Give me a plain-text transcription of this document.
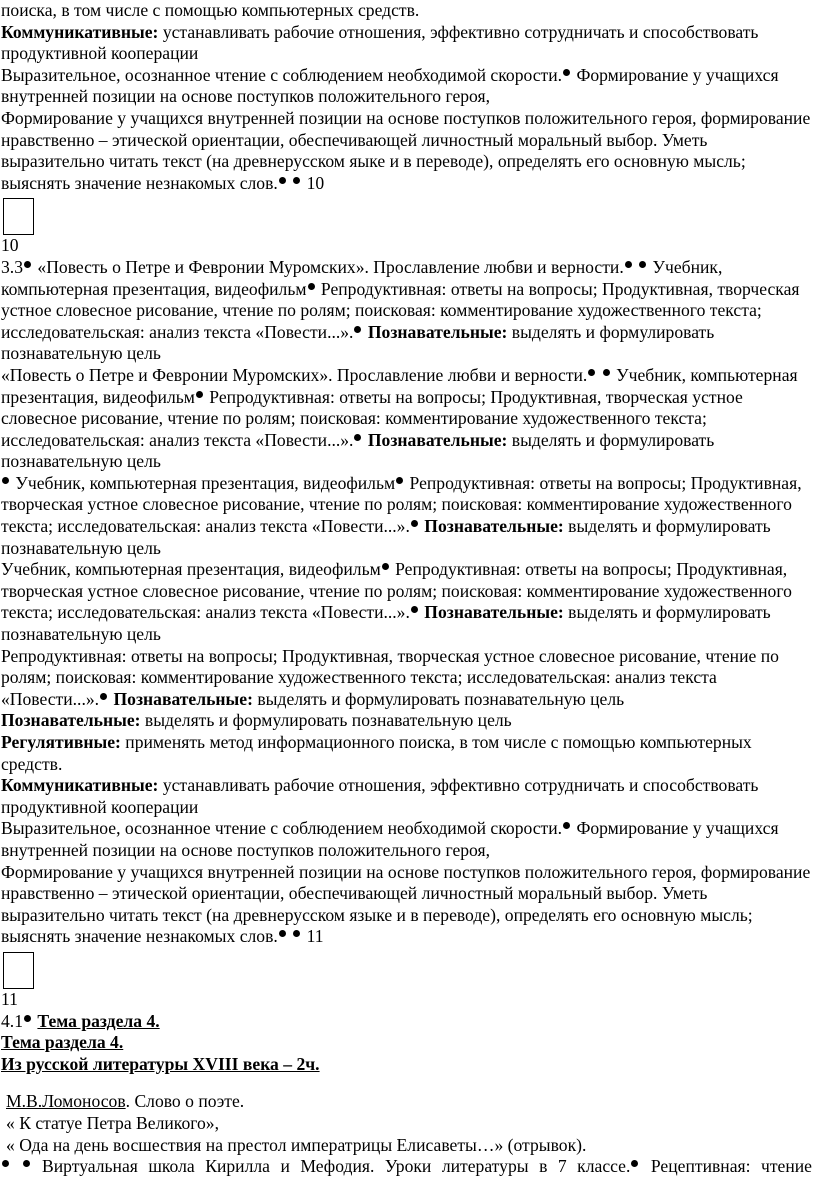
поиска, в том числе с помощью компьютерных средств.

Коммуникативные: устанавливать рабочие отношения, эффективно сотрудничать и способствовать продуктивной кооперации

Выразительное, осознанное чтение с соблюдением необходимой скорости. Формирование у учащихся внутренней позиции на основе поступков положительного героя,

Формирование у учащихся внутренней позиции на основе поступков положительного героя, формирование нравственно – этической ориентации, обеспечивающей личностный моральный выбор. Уметь выразительно читать текст (на древнерусском яыке и в переводе), определять его основную мысль; выяснять значение незнакомых слов.  10

10

3.3 «Повесть о Петре и Февронии Муромских». Прославление любви и верности.  Учебник, компьютерная презентация, видеофильм Репродуктивная: ответы на вопросы; Продуктивная, творческая устное словесное рисование, чтение по ролям; поисковая: комментирование художественного текста; исследовательская: анализ текста «Повести...». Познавательные: выделять и формулировать познавательную цель

«Повесть о Петре и Февронии Муромских». Прославление любви и верности.  Учебник, компьютерная презентация, видеофильм Репродуктивная: ответы на вопросы; Продуктивная, творческая устное словесное рисование, чтение по ролям; поисковая: комментирование художественного текста; исследовательская: анализ текста «Повести...». Познавательные: выделять и формулировать познавательную цель

Учебник, компьютерная презентация, видеофильм Репродуктивная: ответы на вопросы; Продуктивная, творческая устное словесное рисование, чтение по ролям; поисковая: комментирование художественного текста; исследовательская: анализ текста «Повести...». Познавательные: выделять и формулировать познавательную цель

Учебник, компьютерная презентация, видеофильм Репродуктивная: ответы на вопросы; Продуктивная, творческая устное словесное рисование, чтение по ролям; поисковая: комментирование художественного текста; исследовательская: анализ текста «Повести...». Познавательные: выделять и формулировать познавательную цель

Репродуктивная: ответы на вопросы; Продуктивная, творческая устное словесное рисование, чтение по ролям; поисковая: комментирование художественного текста; исследовательская: анализ текста «Повести...». Познавательные: выделять и формулировать познавательную цель

Познавательные: выделять и формулировать познавательную цель

Регулятивные: применять метод информационного поиска, в том числе с помощью компьютерных средств.

Коммуникативные: устанавливать рабочие отношения, эффективно сотрудничать и способствовать продуктивной кооперации

Выразительное, осознанное чтение с соблюдением необходимой скорости. Формирование у учащихся внутренней позиции на основе поступков положительного героя,

Формирование у учащихся внутренней позиции на основе поступков положительного героя, формирование нравственно – этической ориентации, обеспечивающей личностный моральный выбор. Уметь выразительно читать текст (на древнерусском языке и в переводе), определять его основную мысль; выяснять значение незнакомых слов.  11

11

4.1 Тема раздела 4.

Тема раздела 4.

Из русской литературы XVIII века – 2ч.

М.В.Ломоносов. Слово о поэте.

« К статуе Петра Великого»,

« Ода на день восшествия на престол императрицы Елисаветы…» (отрывок).

Виртуальная школа Кирилла и Мефодия. Уроки литературы в 7 классе. Рецептивная: чтение
